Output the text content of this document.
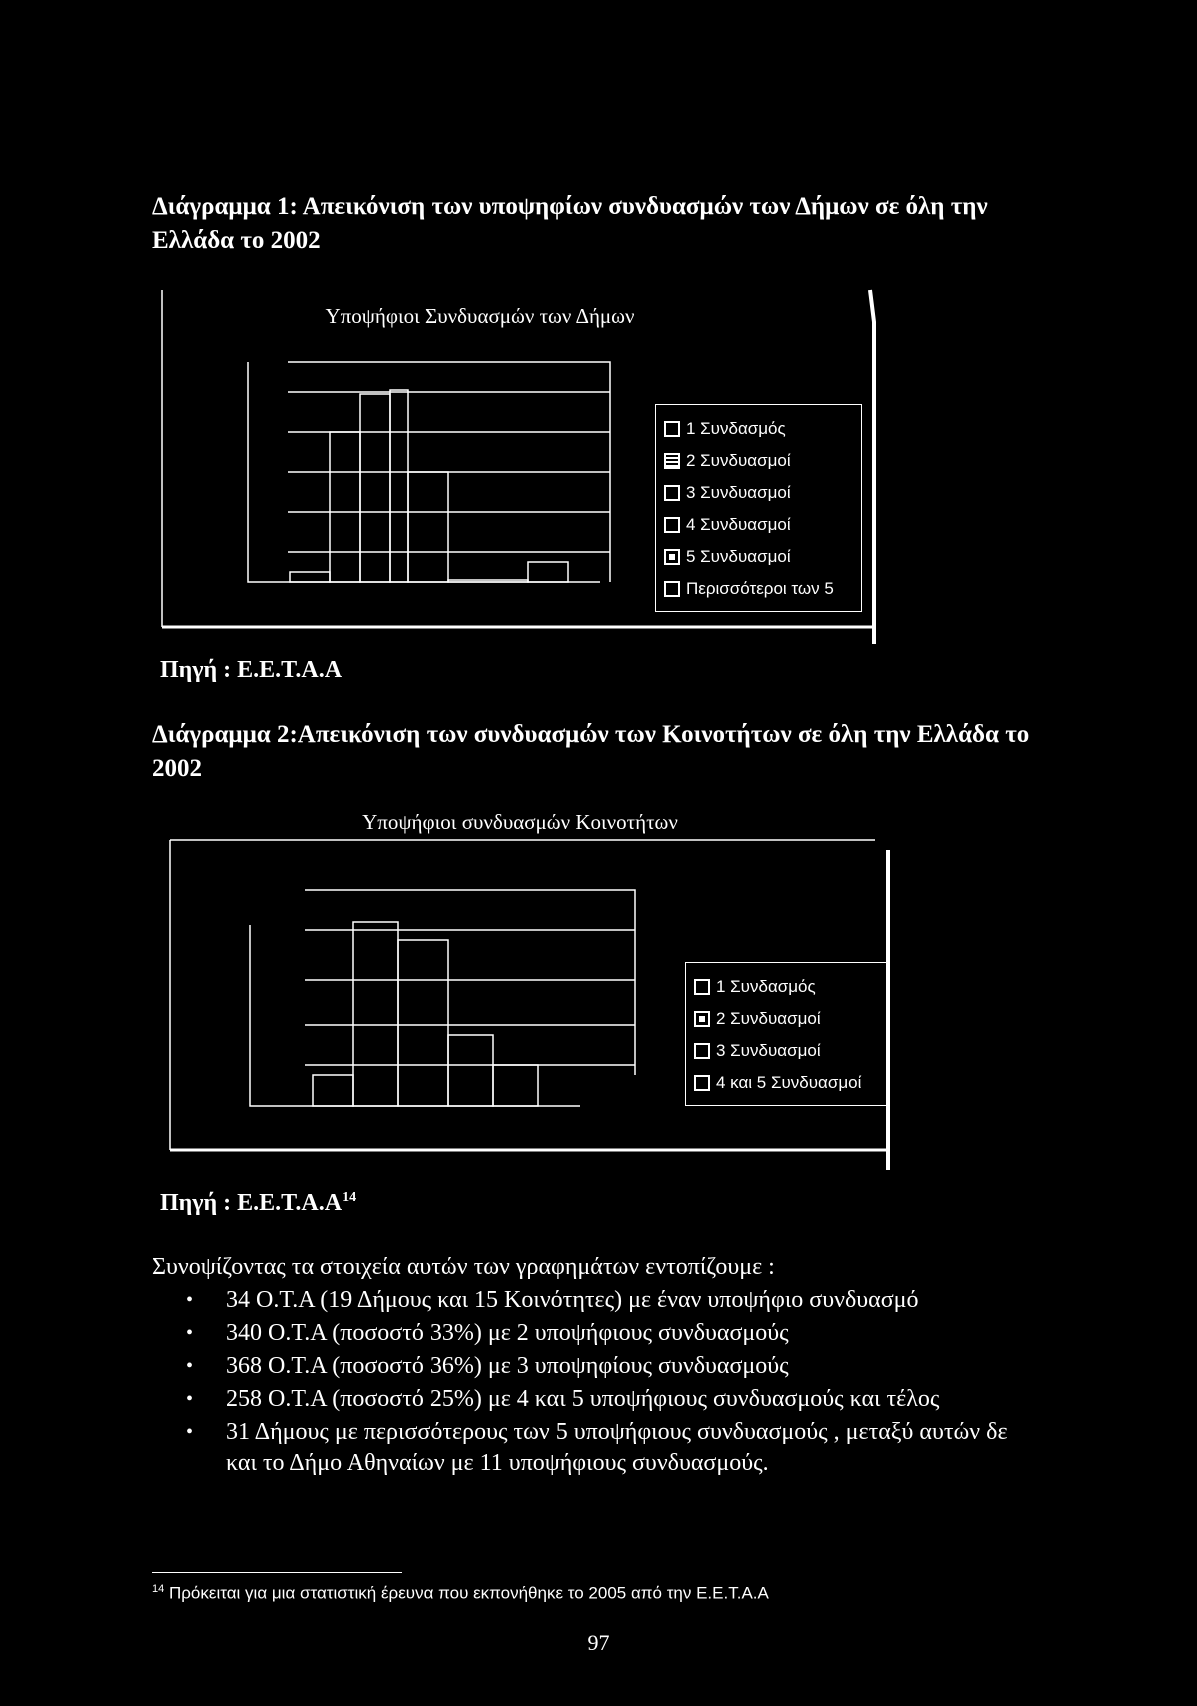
Διάγραμμα 1: Απεικόνιση των υποψηφίων συνδυασμών των Δήμων σε όλη την Ελλάδα το 2002
Υποψήφιοι Συνδυασμών των Δήμων
1 Συνδασμός
2 Συνδυασμοί
3 Συνδυασμοί
4 Συνδυασμοί
5 Συνδυασμοί
Περισσότεροι των 5
Πηγή : Ε.Ε.Τ.Α.Α
Διάγραμμα 2:Απεικόνιση των συνδυασμών των Κοινοτήτων σε όλη την Ελλάδα το 2002
Υποψήφιοι συνδυασμών Κοινοτήτων
1 Συνδασμός
2 Συνδυασμοί
3 Συνδυασμοί
4 και 5 Συνδυασμοί
Πηγή : $E.E.T.A.A^{14}$
Συνοψίζοντας τα στοιχεία αυτών των γραφημάτων εντοπίζουμε :
• 34 Ο.Τ.Α (19 Δήμους και 15 Κοινότητες) με έναν υποψήφιο συνδυασμό
• 340 Ο.Τ.Α (ποσοστό 33%) με 2 υποψήφιους συνδυασμούς
• 368 Ο.Τ.Α (ποσοστό 36%) με 3 υποψηφίους συνδυασμούς
• 258 Ο.Τ.Α (ποσοστό 25%) με 4 και 5 υποψήφιους συνδυασμούς και τέλος
• 31 Δήμους με περισσότερους των 5 υποψήφιους συνδυασμούς , μεταξύ αυτών δε και το Δήμο Αθηναίων με 11 υποψήφιους συνδυασμούς.
$^{14}$ Πρόκειται για μια στατιστική έρευνα που εκπονήθηκε το 2005 από την Ε.Ε.Τ.Α.Α
97
